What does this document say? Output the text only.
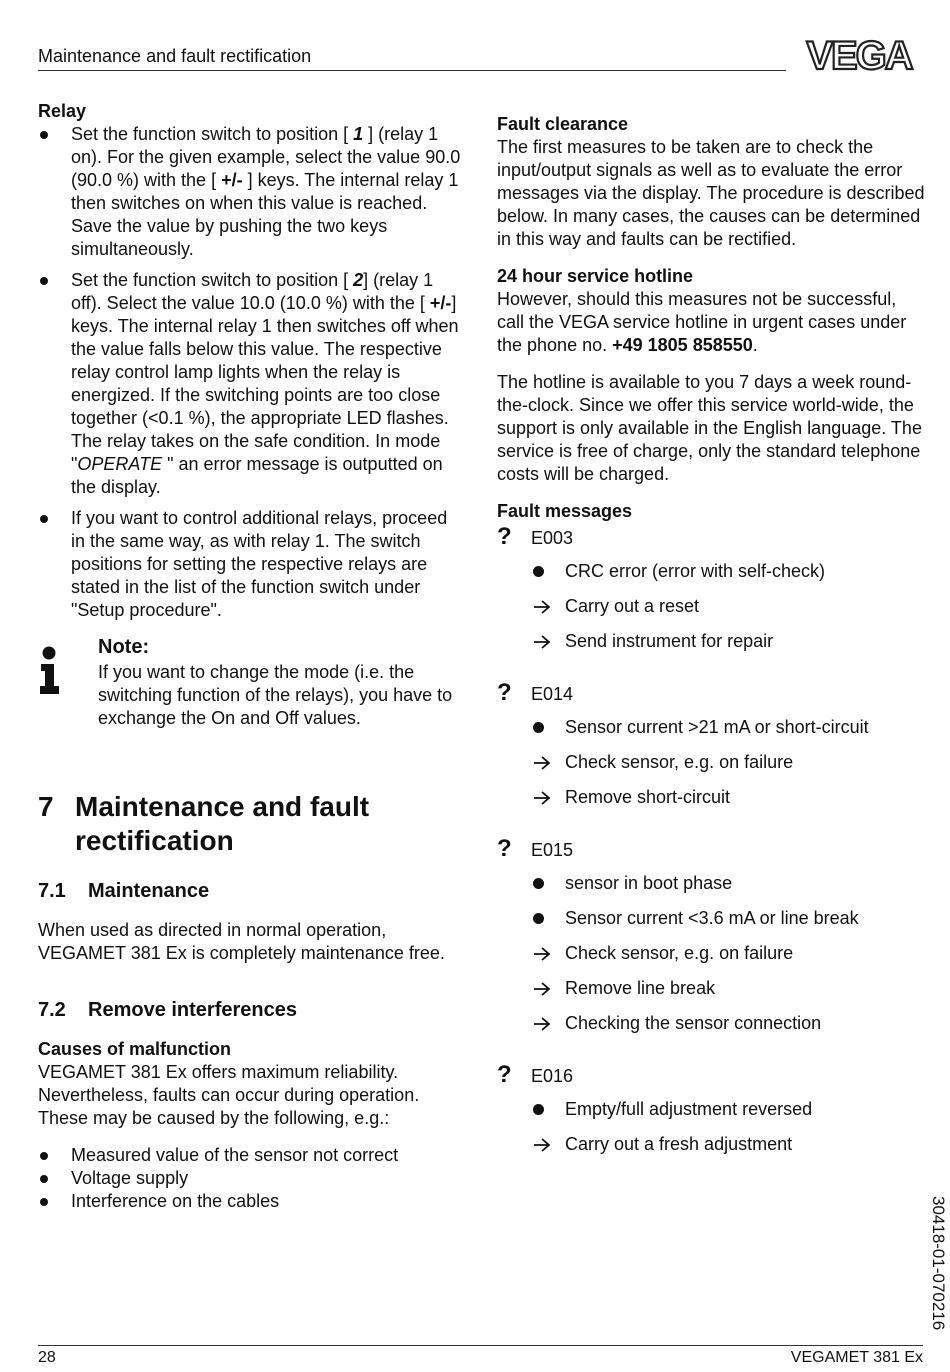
Maintenance and fault rectification	VEGA
Relay
Set the function switch to position [ 1 ] (relay 1 on). For the given example, select the value 90.0 (90.0 %) with the [ +/- ] keys. The internal relay 1 then switches on when this value is reached. Save the value by pushing the two keys simultaneously.
Set the function switch to position [ 2] (relay 1 off). Select the value 10.0 (10.0 %) with the [ +/-] keys. The internal relay 1 then switches off when the value falls below this value. The respective relay control lamp lights when the relay is energized. If the switching points are too close together (<0.1 %), the appropriate LED flashes. The relay takes on the safe condition. In mode "OPERATE " an error message is outputted on the display.
If you want to control additional relays, proceed in the same way, as with relay 1. The switch positions for setting the respective relays are stated in the list of the function switch under "Setup procedure".
Note:

If you want to change the mode (i.e. the switching function of the relays), you have to exchange the On and Off values.

7 Maintenance and fault rectification
7.1	Maintenance

When used as directed in normal operation, VEGAMET 381 Ex is completely maintenance free.

7.2	Remove interferences
Causes of malfunction

VEGAMET 381 Ex offers maximum reliability. Nevertheless, faults can occur during operation. These may be caused by the following, e.g.:

Measured value of the sensor not correct
Voltage supply
Interference on the cables
Fault clearance

The first measures to be taken are to check the input/output signals as well as to evaluate the error messages via the display. The procedure is described below. In many cases, the causes can be determined in this way and faults can be rectified.

24 hour service hotline

However, should this measures not be successful, call the VEGA service hotline in urgent cases under the phone no. +49 1805 858550.

The hotline is available to you 7 days a week round-the-clock. Since we offer this service world-wide, the support is only available in the English language. The service is free of charge, only the standard telephone costs will be charged.

Fault messages
?	E003
CRC error (error with self-check)
Carry out a reset
Send instrument for repair
?	E014
Sensor current >21 mA or short-circuit
Check sensor, e.g. on failure
Remove short-circuit
?	E015
sensor in boot phase
Sensor current <3.6 mA or line break
Check sensor, e.g. on failure
Remove line break
Checking the sensor connection
?	E016
Empty/full adjustment reversed
Carry out a fresh adjustment
30418-01-070216
28	VEGAMET 381 Ex
